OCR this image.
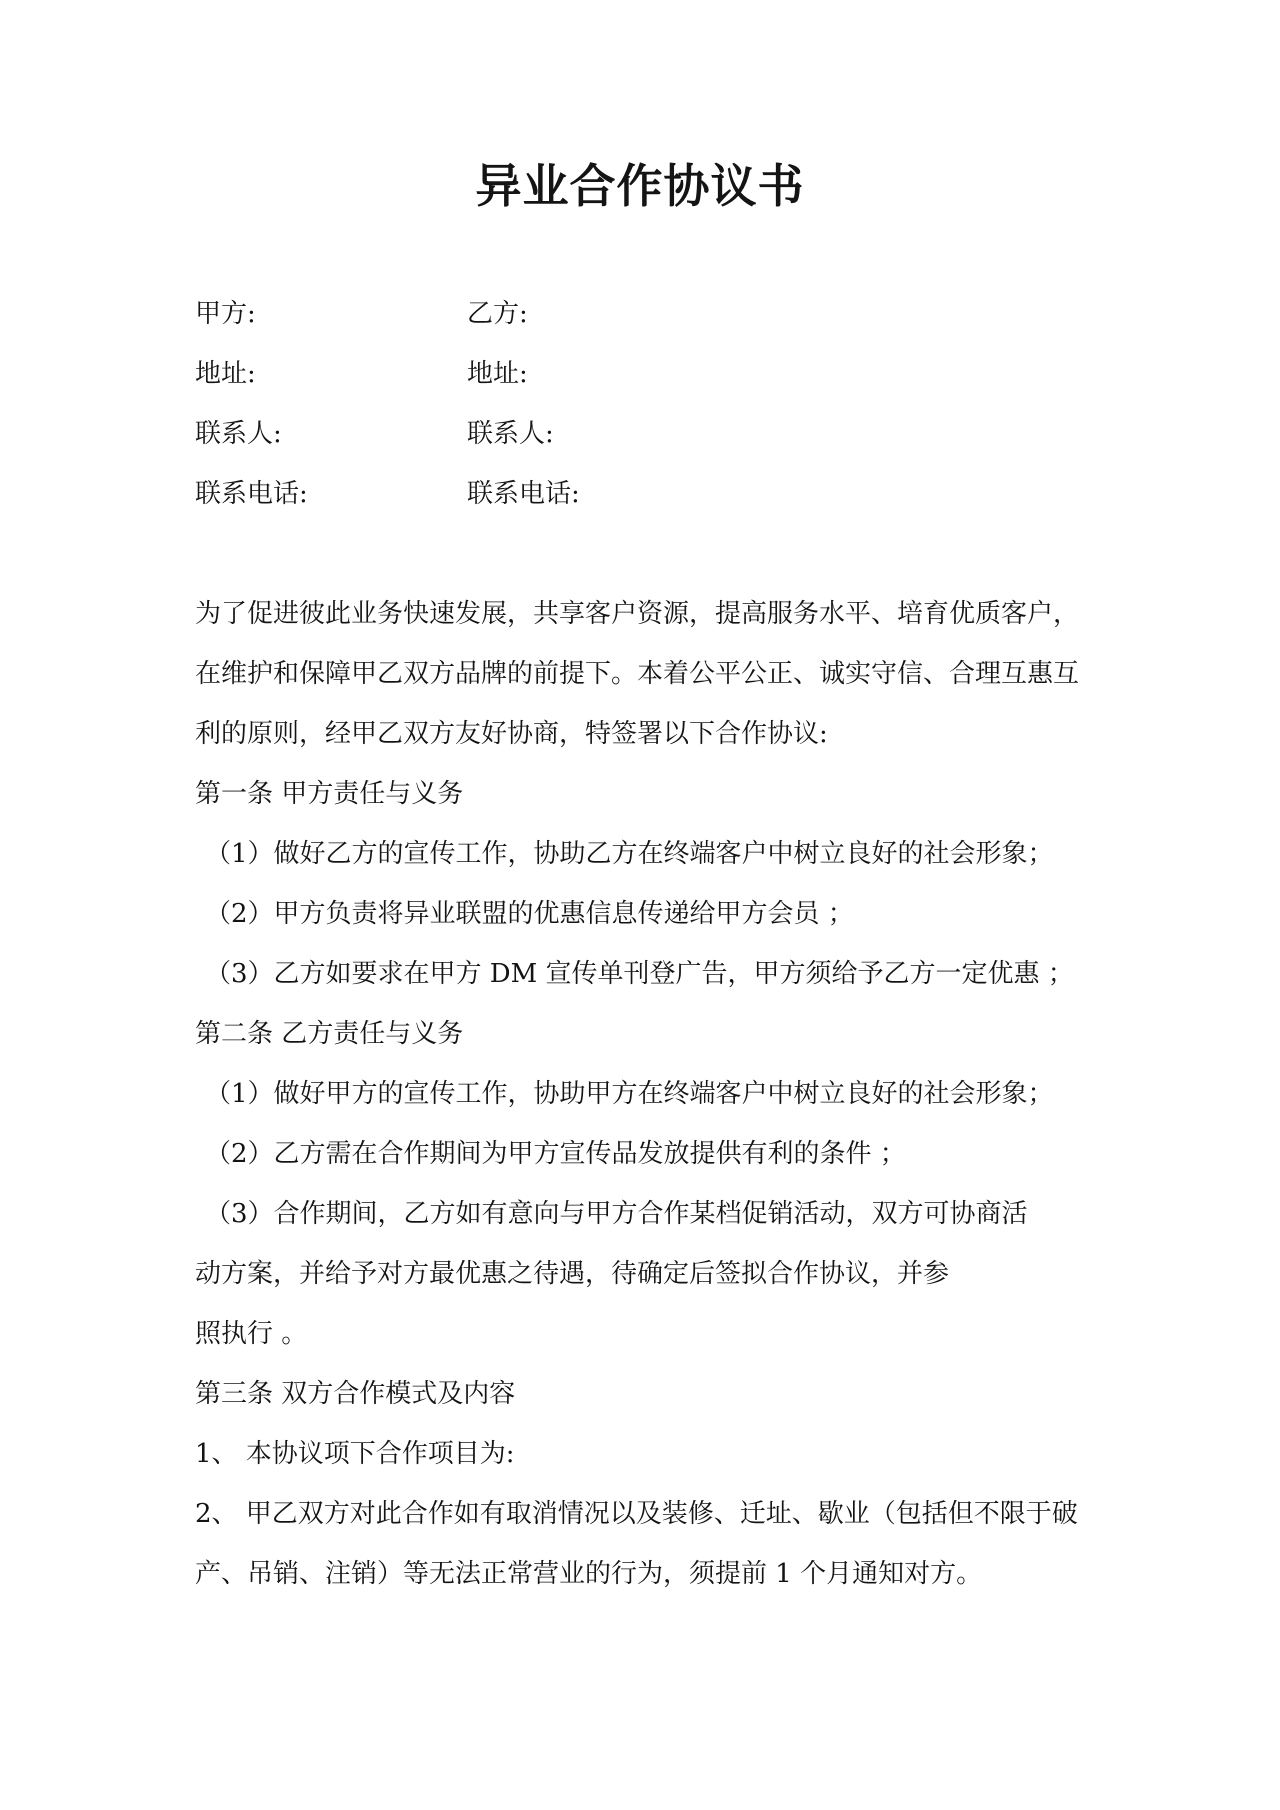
异业合作协议书
甲方:	乙方:
地址:	地址:
联系人:	联系人:
联系电话:	联系电话:
为了促进彼此业务快速发展，共享客户资源，提高服务水平、培育优质客户，
在维护和保障甲乙双方品牌的前提下。本着公平公正、诚实守信、合理互惠互
利的原则，经甲乙双方友好协商，特签署以下合作协议:
第一条 甲方责任与义务
（1）做好乙方的宣传工作，协助乙方在终端客户中树立良好的社会形象；
（2）甲方负责将异业联盟的优惠信息传递给甲方会员 ；
（3）乙方如要求在甲方 DM 宣传单刊登广告，甲方须给予乙方一定优惠 ；
第二条 乙方责任与义务
（1）做好甲方的宣传工作，协助甲方在终端客户中树立良好的社会形象；
（2）乙方需在合作期间为甲方宣传品发放提供有利的条件 ；
（3）合作期间，乙方如有意向与甲方合作某档促销活动，双方可协商活
动方案，并给予对方最优惠之待遇，待确定后签拟合作协议，并参
照执行 。
第三条 双方合作模式及内容
1、 本协议项下合作项目为:
2、 甲乙双方对此合作如有取消情况以及装修、迁址、歇业（包括但不限于破
产、吊销、注销）等无法正常营业的行为，须提前 1 个月通知对方。
